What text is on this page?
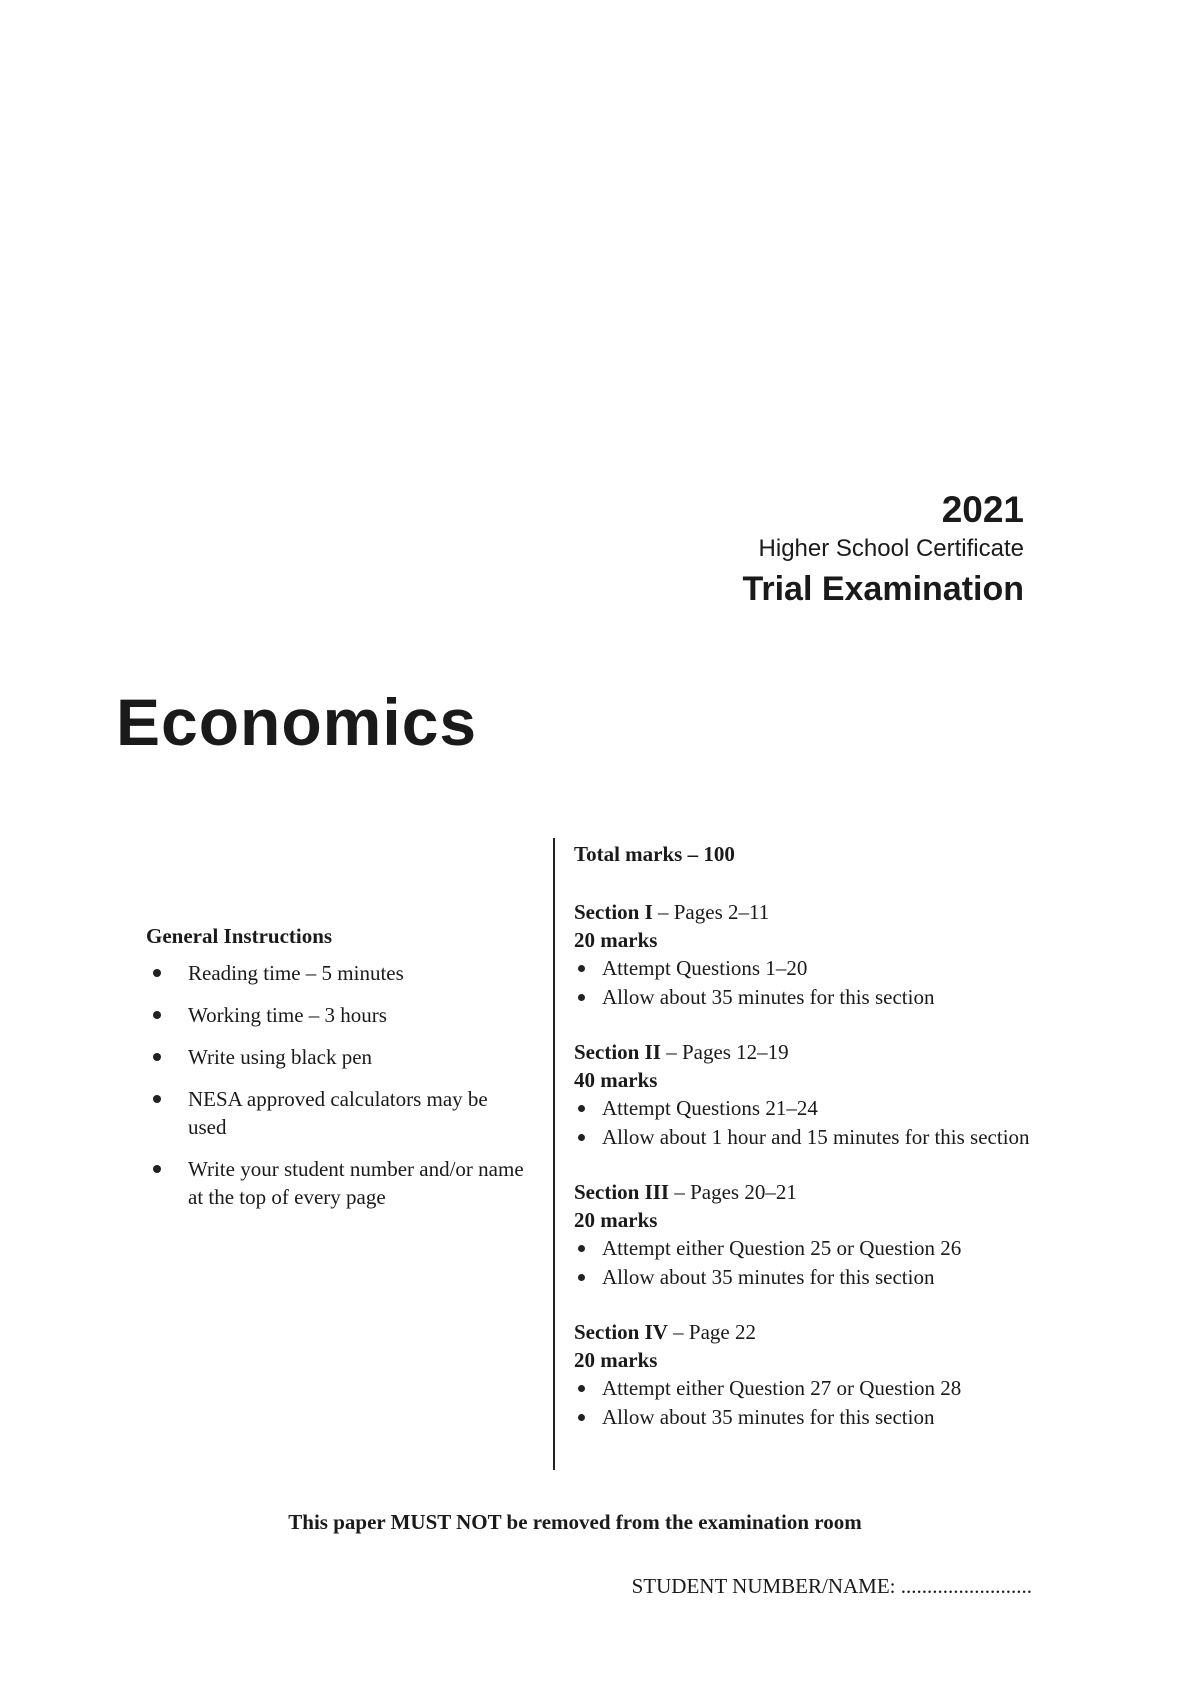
2021
Higher School Certificate
Trial Examination
Economics
General Instructions
Reading time – 5 minutes
Working time – 3 hours
Write using black pen
NESA approved calculators may be used
Write your student number and/or name at the top of every page
Total marks – 100
Section I – Pages 2–11
20 marks
Attempt Questions 1–20
Allow about 35 minutes for this section
Section II – Pages 12–19
40 marks
Attempt Questions 21–24
Allow about 1 hour and 15 minutes for this section
Section III – Pages 20–21
20 marks
Attempt either Question 25 or Question 26
Allow about 35 minutes for this section
Section IV – Page 22
20 marks
Attempt either Question 27 or Question 28
Allow about 35 minutes for this section
This paper MUST NOT be removed from the examination room
STUDENT NUMBER/NAME: .........................
